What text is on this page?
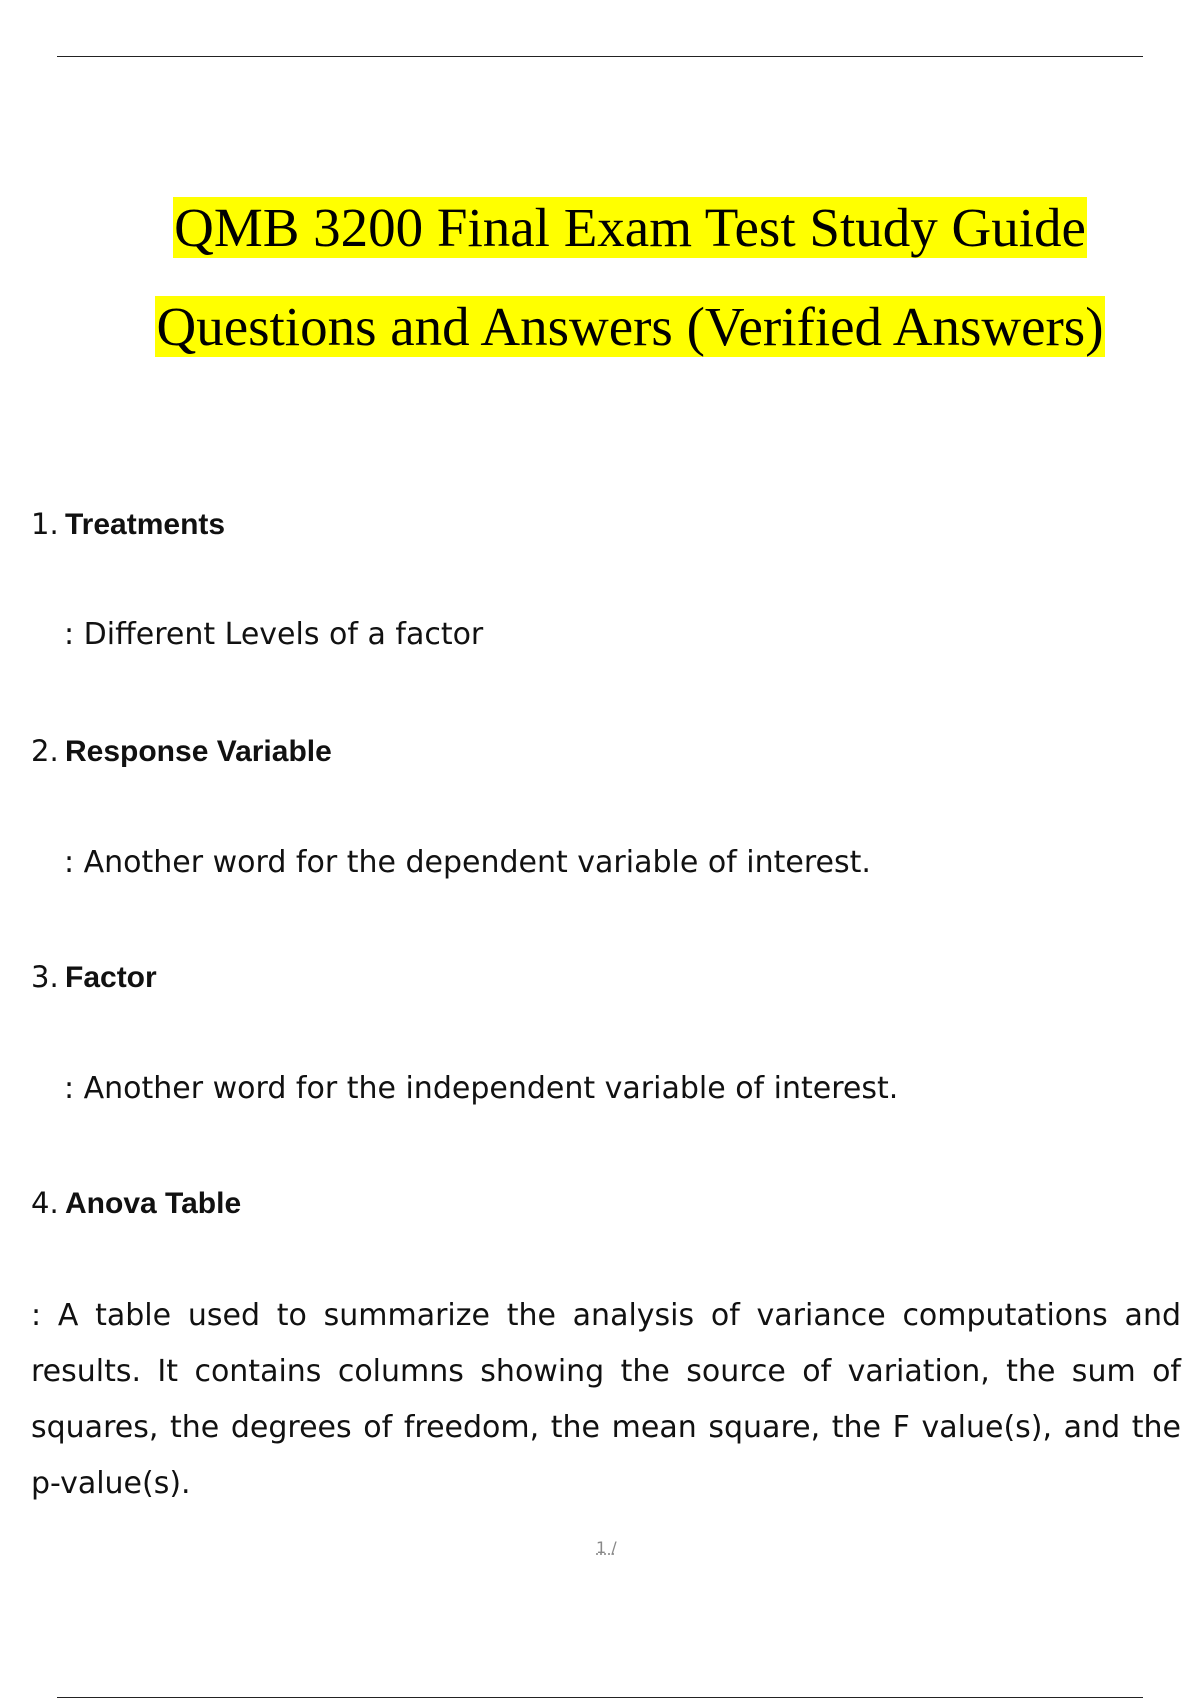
QMB 3200 Final Exam Test Study Guide
Questions and Answers (Verified Answers)
1. Treatments
: Different Levels of a factor
2. Response Variable
: Another word for the dependent variable of interest.
3. Factor
: Another word for the independent variable of interest.
4. Anova Table
: A table used to summarize the analysis of variance computations and results. It contains columns showing the source of variation, the sum of squares, the degrees of freedom, the mean square, the F value(s), and the p-value(s).
1 /
